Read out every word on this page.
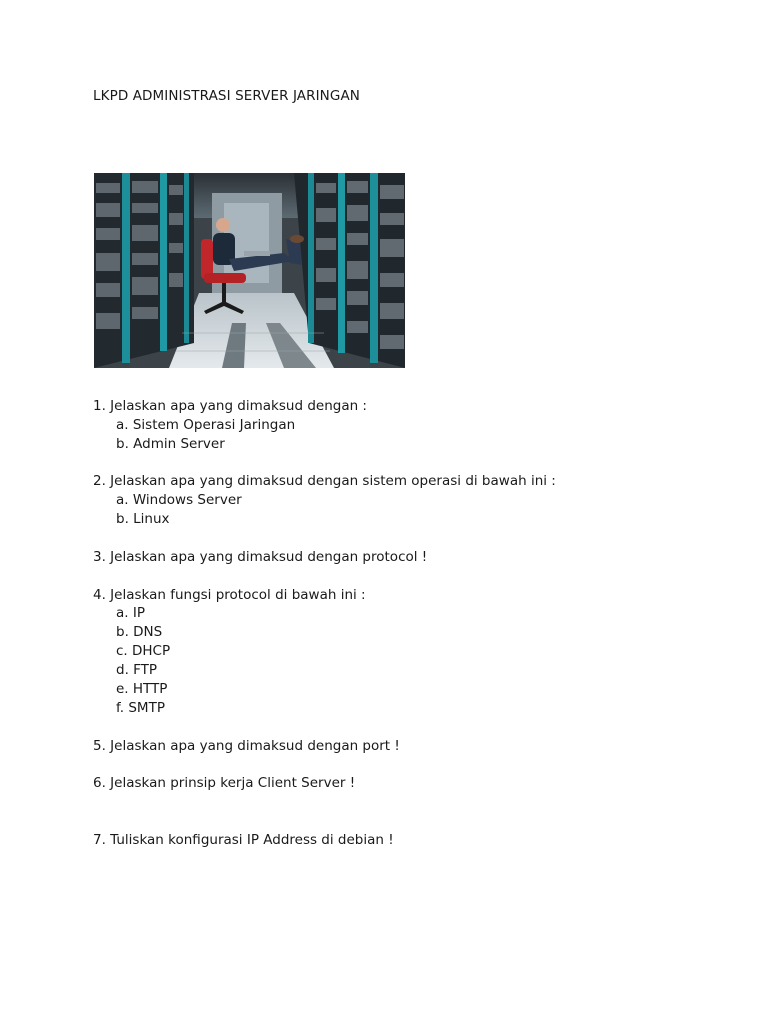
LKPD ADMINISTRASI SERVER JARINGAN
1. Jelaskan apa yang dimaksud dengan :
a. Sistem Operasi Jaringan
b. Admin Server
2. Jelaskan apa yang dimaksud dengan sistem operasi di bawah ini :
a. Windows Server
b. Linux
3. Jelaskan apa yang dimaksud dengan protocol !
4. Jelaskan fungsi protocol di bawah ini :
a. IP
b. DNS
c. DHCP
d. FTP
e. HTTP
f. SMTP
5. Jelaskan apa yang dimaksud dengan port !
6. Jelaskan prinsip kerja Client Server !
7. Tuliskan konfigurasi IP Address di debian !
